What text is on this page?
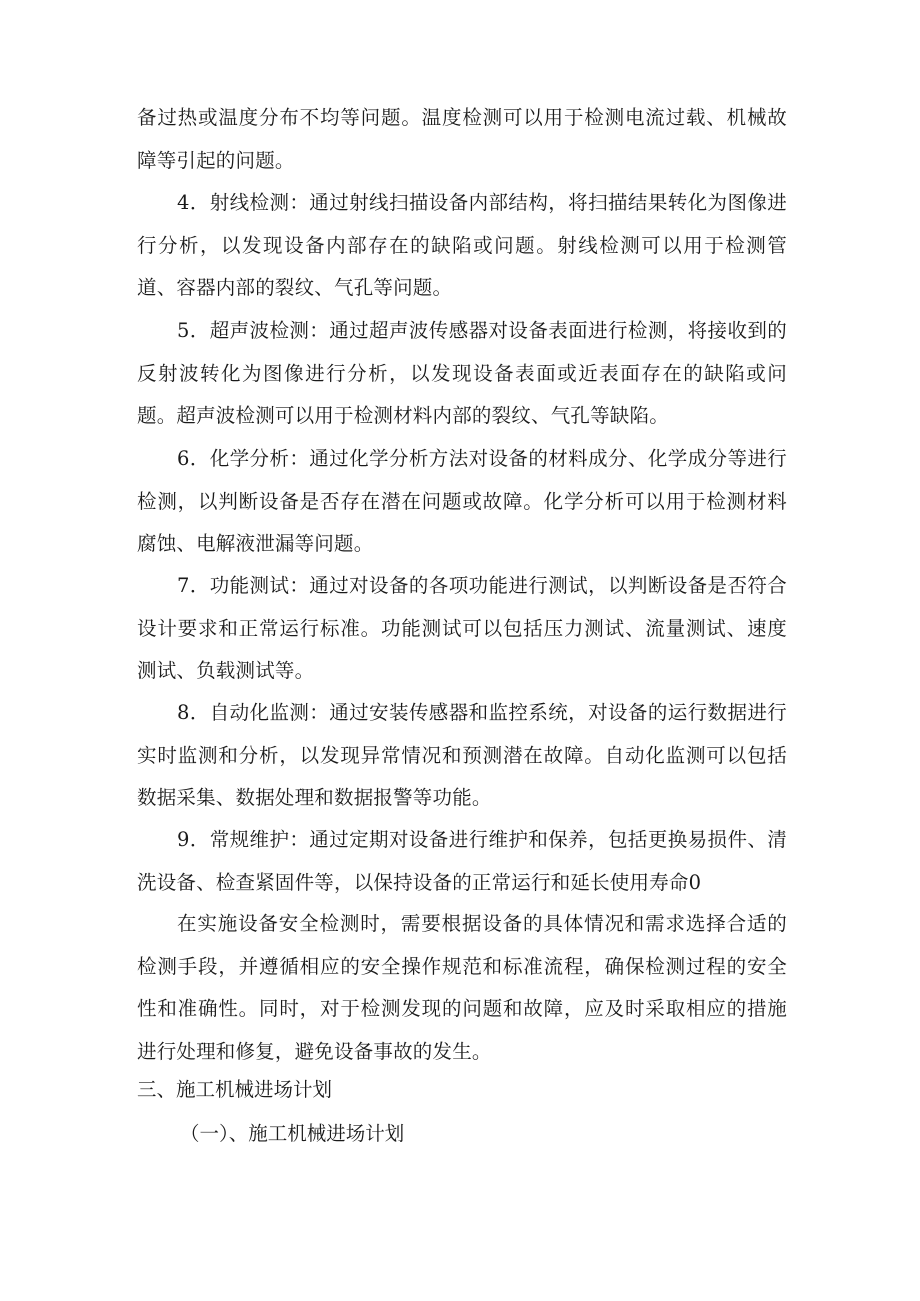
备过热或温度分布不均等问题。温度检测可以用于检测电流过载、机械故障等引起的问题。

4．射线检测：通过射线扫描设备内部结构，将扫描结果转化为图像进行分析，以发现设备内部存在的缺陷或问题。射线检测可以用于检测管道、容器内部的裂纹、气孔等问题。

5．超声波检测：通过超声波传感器对设备表面进行检测，将接收到的反射波转化为图像进行分析，以发现设备表面或近表面存在的缺陷或问题。超声波检测可以用于检测材料内部的裂纹、气孔等缺陷。

6．化学分析：通过化学分析方法对设备的材料成分、化学成分等进行检测，以判断设备是否存在潜在问题或故障。化学分析可以用于检测材料腐蚀、电解液泄漏等问题。

7．功能测试：通过对设备的各项功能进行测试，以判断设备是否符合设计要求和正常运行标准。功能测试可以包括压力测试、流量测试、速度测试、负载测试等。

8．自动化监测：通过安装传感器和监控系统，对设备的运行数据进行实时监测和分析，以发现异常情况和预测潜在故障。自动化监测可以包括数据采集、数据处理和数据报警等功能。

9．常规维护：通过定期对设备进行维护和保养，包括更换易损件、清洗设备、检查紧固件等，以保持设备的正常运行和延长使用寿命0

在实施设备安全检测时，需要根据设备的具体情况和需求选择合适的检测手段，并遵循相应的安全操作规范和标准流程，确保检测过程的安全性和准确性。同时，对于检测发现的问题和故障，应及时采取相应的措施进行处理和修复，避免设备事故的发生。

三、施工机械进场计划
（一）、施工机械进场计划
